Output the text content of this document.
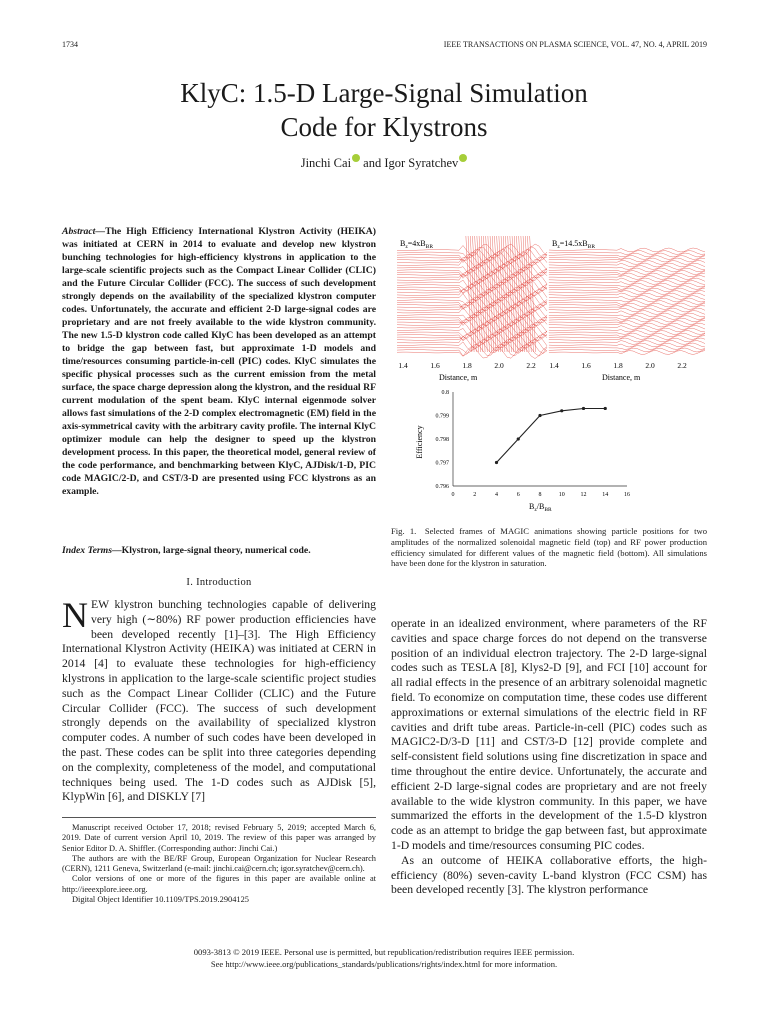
1734	IEEE TRANSACTIONS ON PLASMA SCIENCE, VOL. 47, NO. 4, APRIL 2019
KlyC: 1.5-D Large-Signal Simulation
Code for Klystrons
Jinchi Cai and Igor Syratchev
Abstract—The High Efficiency International Klystron Activity (HEIKA) was initiated at CERN in 2014 to evaluate and develop new klystron bunching technologies for high-efficiency klystrons in application to the large-scale scientific projects such as the Compact Linear Collider (CLIC) and the Future Circular Collider (FCC). The success of such development strongly depends on the availability of the specialized klystron computer codes. Unfortunately, the accurate and efficient 2-D large-signal codes are proprietary and are not freely available to the wide klystron community. The new 1.5-D klystron code called KlyC has been developed as an attempt to bridge the gap between fast, but approximate 1-D models and time/resources consuming particle-in-cell (PIC) codes. KlyC simulates the specific physical processes such as the current emission from the metal surface, the space charge depression along the klystron, and the residual RF current modulation of the spent beam. KlyC internal eigenmode solver allows fast simulations of the 2-D complex electromagnetic (EM) field in the axis-symmetrical cavity with the arbitrary cavity profile. The internal KlyC optimizer module can help the designer to speed up the klystron development process. In this paper, the theoretical model, general review of the code performance, and benchmarking between KlyC, AJDisk/1-D, PIC code MAGIC/2-D, and CST/3-D are presented using FCC klystrons as an example.
Index Terms—Klystron, large-signal theory, numerical code.
I. Introduction
NEW klystron bunching technologies capable of delivering very high (∼80%) RF power production efficiencies have been developed recently [1]–[3]. The High Efficiency International Klystron Activity (HEIKA) was initiated at CERN in 2014 [4] to evaluate these technologies for high-efficiency klystrons in application to the large-scale scientific project studies such as the Compact Linear Collider (CLIC) and the Future Circular Collider (FCC). The success of such development strongly depends on the availability of specialized klystron computer codes. A number of such codes have been developed in the past. These codes can be split into three categories depending on the complexity, completeness of the model, and computational techniques being used. The 1-D codes such as AJDisk [5], KlypWin [6], and DISKLY [7]

Manuscript received October 17, 2018; revised February 5, 2019; accepted March 6, 2019. Date of current version April 10, 2019. The review of this paper was arranged by Senior Editor D. A. Shiffler. (Corresponding author: Jinchi Cai.)

The authors are with the BE/RF Group, European Organization for Nuclear Research (CERN), 1211 Geneva, Switzerland (e-mail: jinchi.cai@cern.ch; igor.syratchev@cern.ch).

Color versions of one or more of the figures in this paper are available online at http://ieeexplore.ieee.org.

Digital Object Identifier 10.1109/TPS.2019.2904125

$B_z=4xB_{BR}$	$B_z=14.5xB_{BR}$
1.4	1.6	1.8	2.0	2.2 1.4	1.6	1.8	2.0	2.2
Distance, m	Distance, m
0	2	4	6	8	10	12	14	16
0.796
0.797
0.798
0.799
0.8
Efficiency
$B_z/B_{BR}$
Fig. 1. Selected frames of MAGIC animations showing particle positions for two amplitudes of the normalized solenoidal magnetic field (top) and RF power production efficiency simulated for different values of the magnetic field (bottom). All simulations have been done for the klystron in saturation.

operate in an idealized environment, where parameters of the RF cavities and space charge forces do not depend on the transverse position of an individual electron trajectory. The 2-D large-signal codes such as TESLA [8], Klys2-D [9], and FCI [10] account for all radial effects in the presence of an arbitrary solenoidal magnetic field. To economize on computation time, these codes use different approximations or external simulations of the electric field in RF cavities and drift tube areas. Particle-in-cell (PIC) codes such as MAGIC2-D/3-D [11] and CST/3-D [12] provide complete and self-consistent field solutions using fine discretization in space and time throughout the entire device. Unfortunately, the accurate and efficient 2-D large-signal codes are proprietary and are not freely available to the wide klystron community. In this paper, we have summarized the efforts in the development of the 1.5-D klystron code as an attempt to bridge the gap between fast, but approximate 1-D models and time/resources consuming PIC codes.

As an outcome of HEIKA collaborative efforts, the high-efficiency (80%) seven-cavity L-band klystron (FCC CSM) has been developed recently [3]. The klystron performance

0093-3813 © 2019 IEEE. Personal use is permitted, but republication/redistribution requires IEEE permission.
See http://www.ieee.org/publications_standards/publications/rights/index.html for more information.
